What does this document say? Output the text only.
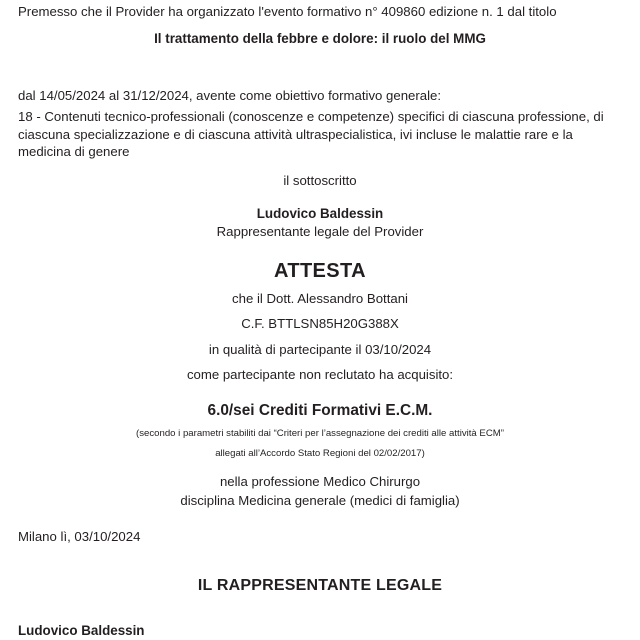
Premesso che il Provider ha organizzato l'evento formativo n° 409860 edizione n. 1 dal titolo

Il trattamento della febbre e dolore: il ruolo del MMG

dal 14/05/2024 al 31/12/2024, avente come obiettivo formativo generale:

18 - Contenuti tecnico-professionali (conoscenze e competenze) specifici di ciascuna professione, di ciascuna specializzazione e di ciascuna attività ultraspecialistica, ivi incluse le malattie rare e la medicina di genere

il sottoscritto

Ludovico Baldessin

Rappresentante legale del Provider

ATTESTA

che il Dott. Alessandro Bottani

C.F. BTTLSN85H20G388X

in qualità di partecipante il 03/10/2024

come partecipante non reclutato ha acquisito:

6.0/sei Crediti Formativi E.C.M.

(secondo i parametri stabiliti dai “Criteri per l’assegnazione dei crediti alle attività ECM”

allegati all’Accordo Stato Regioni del 02/02/2017)

nella professione Medico Chirurgo

disciplina Medicina generale (medici di famiglia)

Milano lì, 03/10/2024

IL RAPPRESENTANTE LEGALE

Ludovico Baldessin
